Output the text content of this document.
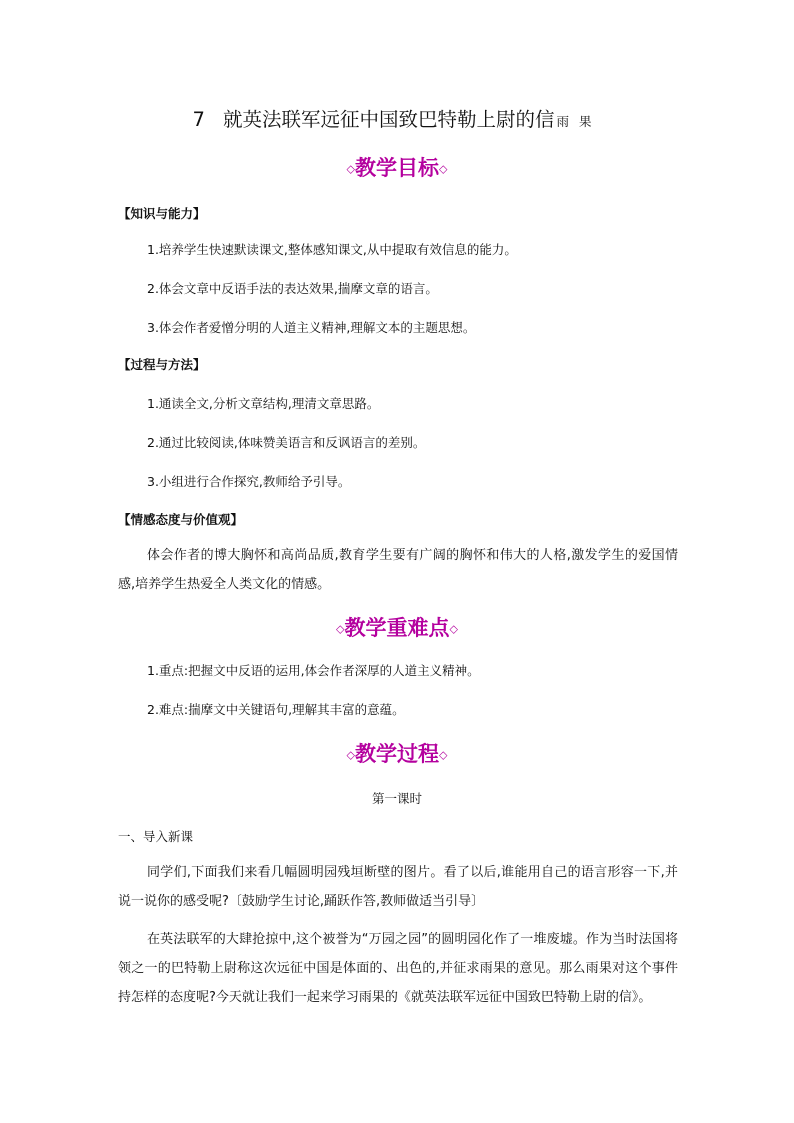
7 就英法联军远征中国致巴特勒上尉的信 雨果
◇教学目标◇
【知识与能力】
1.培养学生快速默读课文,整体感知课文,从中提取有效信息的能力。
2.体会文章中反语手法的表达效果,揣摩文章的语言。
3.体会作者爱憎分明的人道主义精神,理解文本的主题思想。
【过程与方法】
1.通读全文,分析文章结构,理清文章思路。
2.通过比较阅读,体味赞美语言和反讽语言的差别。
3.小组进行合作探究,教师给予引导。
【情感态度与价值观】
体会作者的博大胸怀和高尚品质,教育学生要有广阔的胸怀和伟大的人格,激发学生的爱国情感,培养学生热爱全人类文化的情感。
◇教学重难点◇
1.重点:把握文中反语的运用,体会作者深厚的人道主义精神。
2.难点:揣摩文中关键语句,理解其丰富的意蕴。
◇教学过程◇
第一课时
一、导入新课
同学们,下面我们来看几幅圆明园残垣断壁的图片。看了以后,谁能用自己的语言形容一下,并说一说你的感受呢?〔鼓励学生讨论,踊跃作答,教师做适当引导〕
在英法联军的大肆抢掠中,这个被誉为“万园之园”的圆明园化作了一堆废墟。作为当时法国将领之一的巴特勒上尉称这次远征中国是体面的、出色的,并征求雨果的意见。那么雨果对这个事件持怎样的态度呢?今天就让我们一起来学习雨果的《就英法联军远征中国致巴特勒上尉的信》。
